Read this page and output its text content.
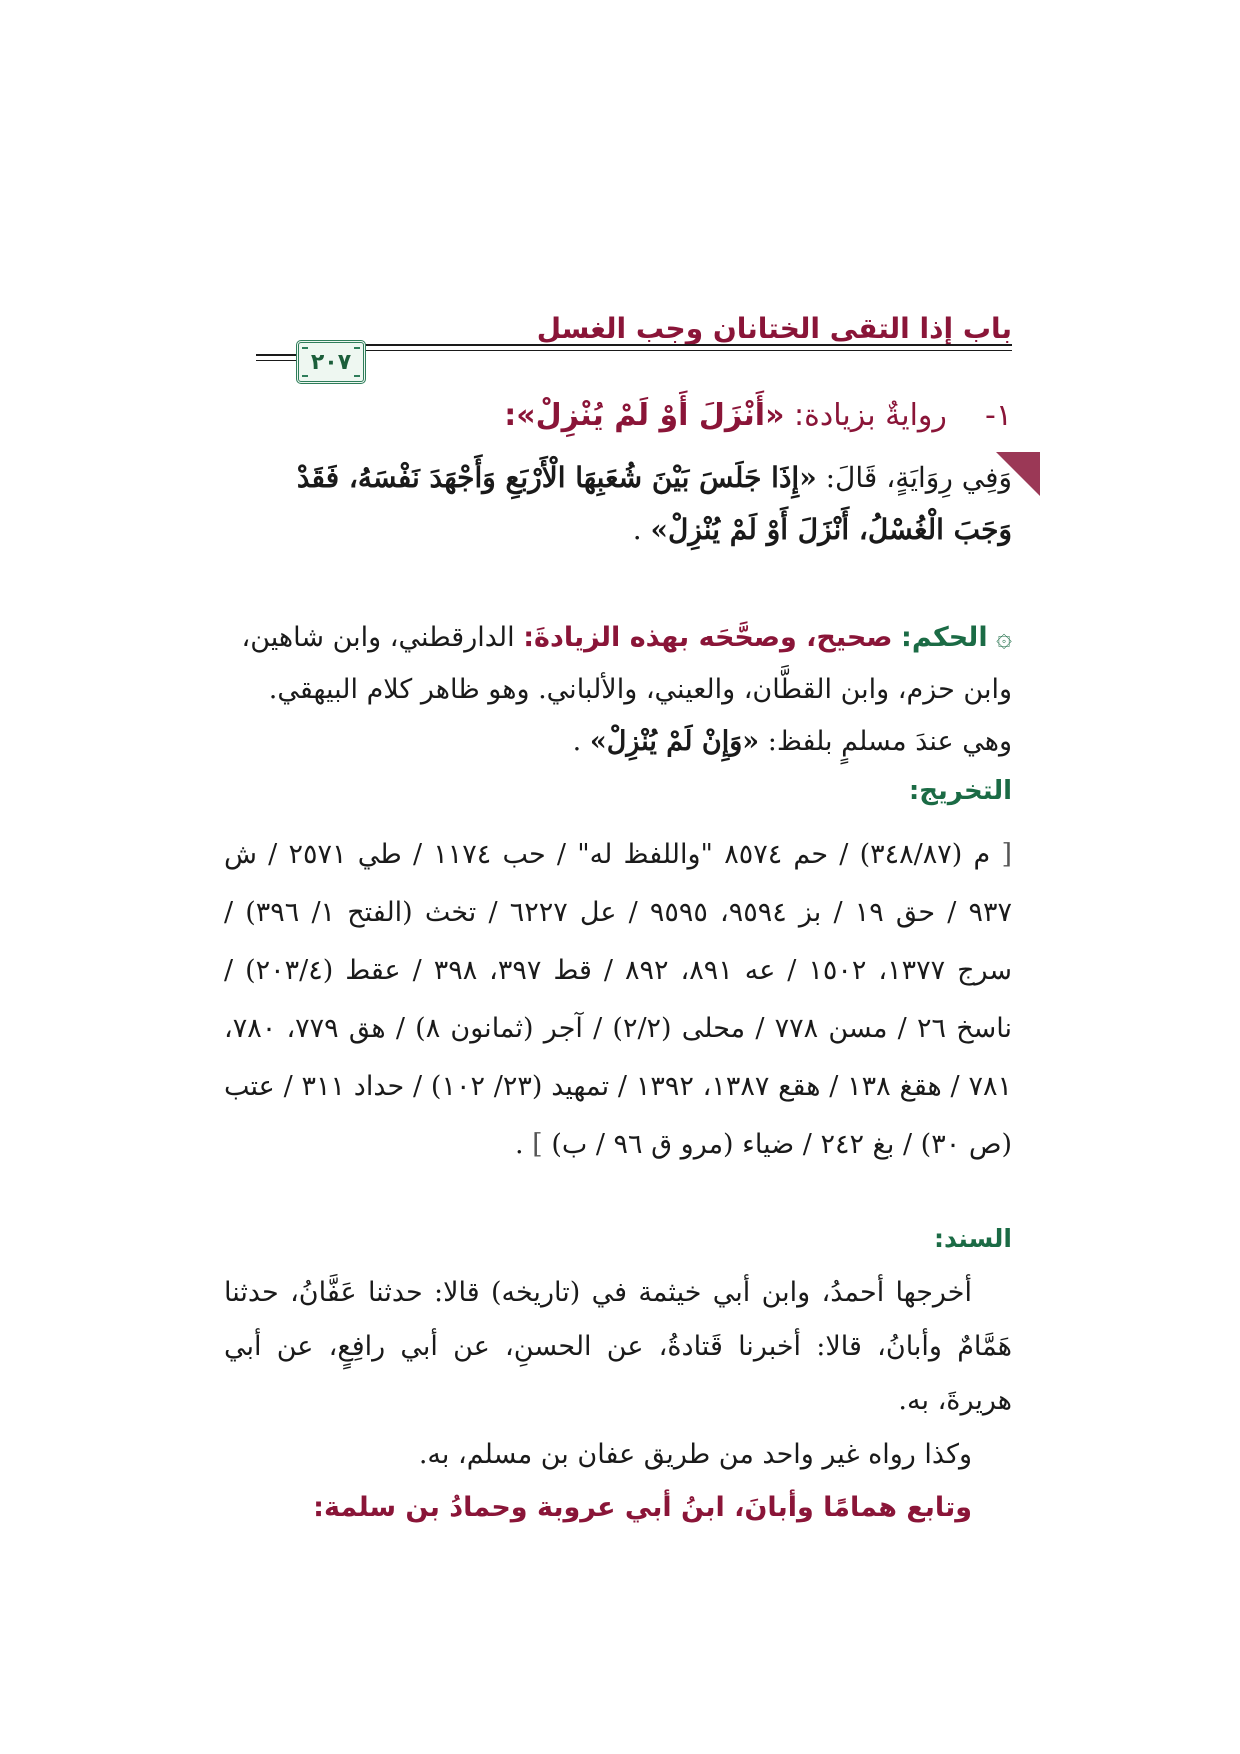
باب إذا التقى الختانان وجب الغسل
٢٠٧
١-    روايةٌ بزيادة: «أَنْزَلَ أَوْ لَمْ يُنْزِلْ»:
وَفِي رِوَايَةٍ، قَالَ: «إِذَا جَلَسَ بَيْنَ شُعَبِهَا الْأَرْبَعِ وَأَجْهَدَ نَفْسَهُ، فَقَدْ وَجَبَ الْغُسْلُ، أَنْزَلَ أَوْ لَمْ يُنْزِلْ» .
۞ الحكم: صحيح، وصحَّحَه بهذه الزيادةَ: الدارقطني، وابن شاهين، وابن حزم، وابن القطَّان، والعيني، والألباني. وهو ظاهر كلام البيهقي. وهي عندَ مسلمٍ بلفظ: «وَإِنْ لَمْ يُنْزِلْ» .
التخريج:
[ م (٣٤٨/٨٧) / حم ٨٥٧٤ "واللفظ له" / حب ١١٧٤ / طي ٢٥٧١ / ش ٩٣٧ / حق ١٩ / بز ٩٥٩٤، ٩٥٩٥ / عل ٦٢٢٧ / تخث (الفتح ١/ ٣٩٦) / سرج ١٣٧٧، ١٥٠٢ / عه ٨٩١، ٨٩٢ / قط ٣٩٧، ٣٩٨ / عقط (٢٠٣/٤) / ناسخ ٢٦ / مسن ٧٧٨ / محلى (٢/٢) / آجر (ثمانون ٨) / هق ٧٧٩، ٧٨٠، ٧٨١ / هقغ ١٣٨ / هقع ١٣٨٧، ١٣٩٢ / تمهيد (٢٣/ ١٠٢) / حداد ٣١١ / عتب (ص ٣٠) / بغ ٢٤٢ / ضياء (مرو ق ٩٦ / ب) ] .
السند:

أخرجها أحمدُ، وابن أبي خيثمة في (تاريخه) قالا: حدثنا عَفَّانُ، حدثنا هَمَّامٌ وأبانُ، قالا: أخبرنا قَتادةُ، عن الحسنِ، عن أبي رافِعٍ، عن أبي هريرةَ، به.

وكذا رواه غير واحد من طريق عفان بن مسلم، به.

وتابع همامًا وأبانَ، ابنُ أبي عروبة وحمادُ بن سلمة:
